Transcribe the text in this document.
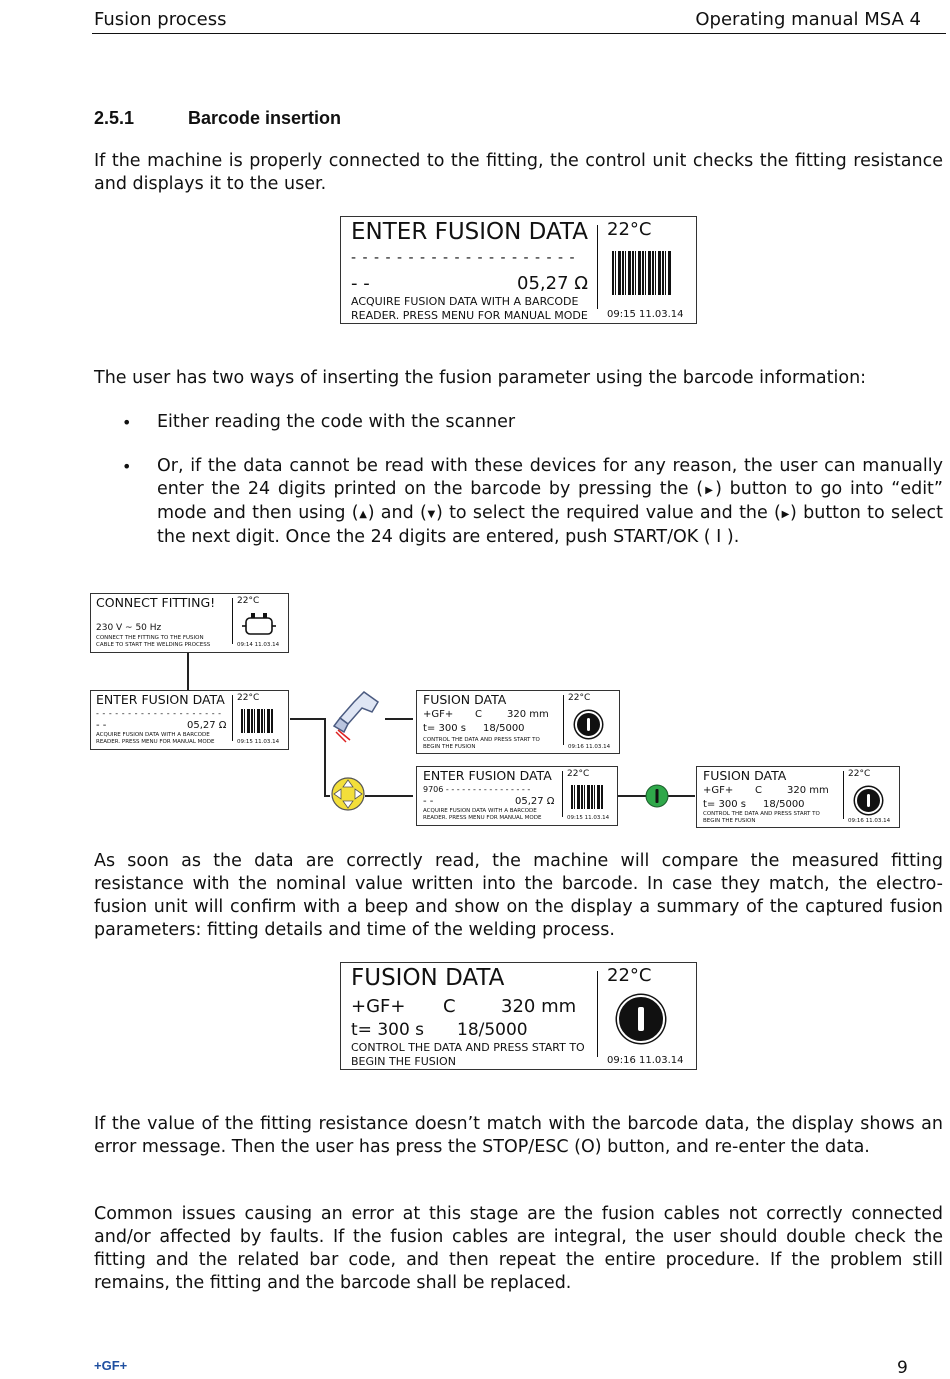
Fusion process	Operating manual MSA 4
2.5.1	Barcode insertion

If the machine is properly connected to the fitting, the control unit checks the fitting resistance and displays it to the user.

ENTER FUSION DATA
- - - - - - - - - - - - - - - - - - - -
- -	05,27 Ω
ACQUIRE FUSION DATA WITH A BARCODE
READER. PRESS MENU FOR MANUAL MODE
22°C
09:15 11.03.14

The user has two ways of inserting the fusion parameter using the barcode information:

• Either reading the code with the scanner

• Or, if the data cannot be read with these devices for any reason, the user can manually enter the 24 digits printed on the barcode by pressing the (▶) button to go into “edit” mode and then using (▲) and (▼) to select the required value and the (▶) button to select the next digit. Once the 24 digits are entered, push START/OK ( I ).

CONNECT FITTING!
230 V ~ 50 Hz
CONNECT THE FITTING TO THE FUSION
CABLE TO START THE WELDING PROCESS
22°C
09:14 11.03.14
ENTER FUSION DATA
- - - - - - - - - - - - - - - - - - - -
- -	05,27 Ω
ACQUIRE FUSION DATA WITH A BARCODE
READER. PRESS MENU FOR MANUAL MODE
22°C
09:15 11.03.14
FUSION DATA
+GF+ C	320 mm
t= 300 s 18/5000
CONTROL THE DATA AND PRESS START TO
BEGIN THE FUSION
22°C
09:16 11.03.14
ENTER FUSION DATA
9706 - - - - - - - - - - - - - - - -
- -	05,27 Ω
ACQUIRE FUSION DATA WITH A BARCODE
READER. PRESS MENU FOR MANUAL MODE
22°C
09:15 11.03.14
FUSION DATA
+GF+ C	320 mm
t= 300 s 18/5000
CONTROL THE DATA AND PRESS START TO
BEGIN THE FUSION
22°C
09:16 11.03.14

As soon as the data are correctly read, the machine will compare the measured fitting resistance with the nominal value written into the barcode. In case they match, the electro-fusion unit will confirm with a beep and show on the display a summary of the captured fusion parameters: fitting details and time of the welding process.

FUSION DATA
+GF+ C	320 mm
t= 300 s 18/5000
CONTROL THE DATA AND PRESS START TO
BEGIN THE FUSION
22°C
09:16 11.03.14

If the value of the fitting resistance doesn’t match with the barcode data, the display shows an error message. Then the user has press the STOP/ESC (O) button, and re-enter the data.

Common issues causing an error at this stage are the fusion cables not correctly connected and/or affected by faults. If the fusion cables are integral, the user should double check the fitting and the related bar code, and then repeat the entire procedure. If the problem still remains, the fitting and the barcode shall be replaced.

+GF+	9
